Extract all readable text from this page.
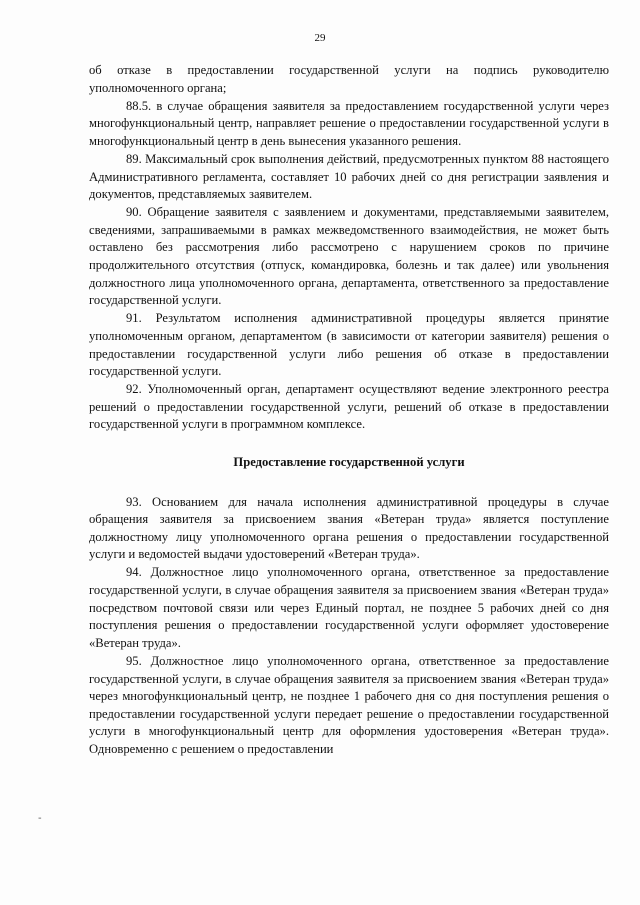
29

об отказе в предоставлении государственной услуги на подпись руководителю уполномоченного органа;

88.5. в случае обращения заявителя за предоставлением государственной услуги через многофункциональный центр, направляет решение о предоставлении государственной услуги в многофункциональный центр в день вынесения указанного решения.

89. Максимальный срок выполнения действий, предусмотренных пунктом 88 настоящего Административного регламента, составляет 10 рабочих дней со дня регистрации заявления и документов, представляемых заявителем.

90. Обращение заявителя с заявлением и документами, представляемыми заявителем, сведениями, запрашиваемыми в рамках межведомственного взаимодействия, не может быть оставлено без рассмотрения либо рассмотрено с нарушением сроков по причине продолжительного отсутствия (отпуск, командировка, болезнь и так далее) или увольнения должностного лица уполномоченного органа, департамента, ответственного за предоставление государственной услуги.

91. Результатом исполнения административной процедуры является принятие уполномоченным органом, департаментом (в зависимости от категории заявителя) решения о предоставлении государственной услуги либо решения об отказе в предоставлении государственной услуги.

92. Уполномоченный орган, департамент осуществляют ведение электронного реестра решений о предоставлении государственной услуги, решений об отказе в предоставлении государственной услуги в программном комплексе.

Предоставление государственной услуги

93. Основанием для начала исполнения административной процедуры в случае обращения заявителя за присвоением звания «Ветеран труда» является поступление должностному лицу уполномоченного органа решения о предоставлении государственной услуги и ведомостей выдачи удостоверений «Ветеран труда».

94. Должностное лицо уполномоченного органа, ответственное за предоставление государственной услуги, в случае обращения заявителя за присвоением звания «Ветеран труда» посредством почтовой связи или через Единый портал, не позднее 5 рабочих дней со дня поступления решения о предоставлении государственной услуги оформляет удостоверение «Ветеран труда».

95. Должностное лицо уполномоченного органа, ответственное за предоставление государственной услуги, в случае обращения заявителя за присвоением звания «Ветеран труда» через многофункциональный центр, не позднее 1 рабочего дня со дня поступления решения о предоставлении государственной услуги передает решение о предоставлении государственной услуги в многофункциональный центр для оформления удостоверения «Ветеран труда». Одновременно с решением о предоставлении

-
